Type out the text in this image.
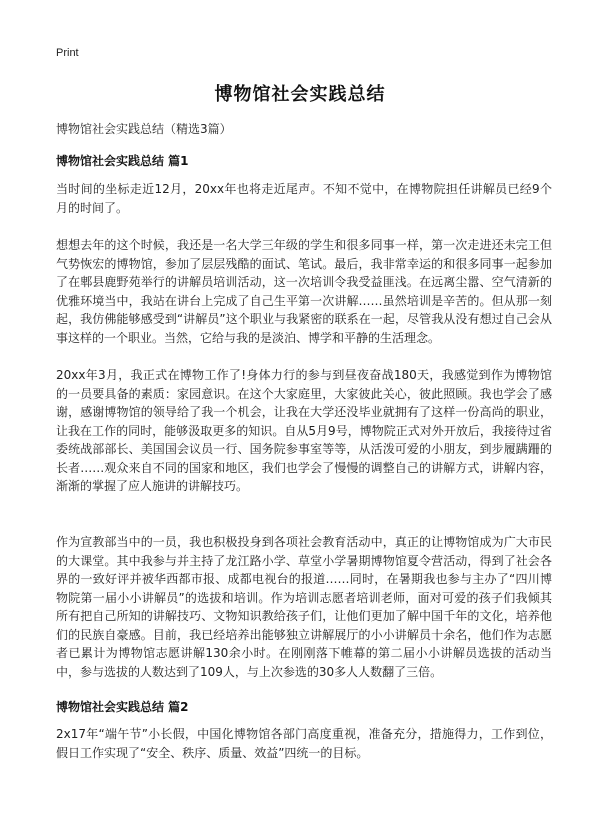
Print
博物馆社会实践总结

博物馆社会实践总结（精选3篇）

博物馆社会实践总结 篇1

当时间的坐标走近12月，20xx年也将走近尾声。不知不觉中，在博物院担任讲解员已经9个月的时间了。

想想去年的这个时候，我还是一名大学三年级的学生和很多同事一样，第一次走进还未完工但气势恢宏的博物馆，参加了层层残酷的面试、笔试。最后，我非常幸运的和很多同事一起参加了在郫县鹿野苑举行的讲解员培训活动，这一次培训令我受益匪浅。在远离尘嚣、空气清新的优雅环境当中，我站在讲台上完成了自己生平第一次讲解……虽然培训是辛苦的。但从那一刻起，我仿佛能够感受到“讲解员”这个职业与我紧密的联系在一起，尽管我从没有想过自己会从事这样的一个职业。当然，它给与我的是淡泊、博学和平静的生活理念。

20xx年3月，我正式在博物工作了!身体力行的参与到昼夜奋战180天，我感觉到作为博物馆的一员要具备的素质：家园意识。在这个大家庭里，大家彼此关心，彼此照顾。我也学会了感谢，感谢博物馆的领导给了我一个机会，让我在大学还没毕业就拥有了这样一份高尚的职业，让我在工作的同时，能够汲取更多的知识。自从5月9号，博物院正式对外开放后，我接待过省委统战部部长、美国国会议员一行、国务院参事室等等，从活泼可爱的小朋友，到步履蹒跚的长者……观众来自不同的国家和地区，我们也学会了慢慢的调整自己的讲解方式，讲解内容，渐渐的掌握了应人施讲的讲解技巧。

作为宣教部当中的一员，我也积极投身到各项社会教育活动中，真正的让博物馆成为广大市民的大课堂。其中我参与并主持了龙江路小学、草堂小学暑期博物馆夏令营活动，得到了社会各界的一致好评并被华西都市报、成都电视台的报道……同时，在暑期我也参与主办了“四川博物院第一届小小讲解员”的选拔和培训。作为培训志愿者培训老师，面对可爱的孩子们我倾其所有把自己所知的讲解技巧、文物知识教给孩子们，让他们更加了解中国千年的文化，培养他们的民族自豪感。目前，我已经培养出能够独立讲解展厅的小小讲解员十余名，他们作为志愿者已累计为博物馆志愿讲解130余小时。在刚刚落下帷幕的第二届小小讲解员选拔的活动当中，参与选拔的人数达到了109人，与上次参选的30多人人数翻了三倍。

博物馆社会实践总结 篇2

2x17年“端午节”小长假，中国化博物馆各部门高度重视，准备充分，措施得力，工作到位，假日工作实现了“安全、秩序、质量、效益”四统一的目标。
